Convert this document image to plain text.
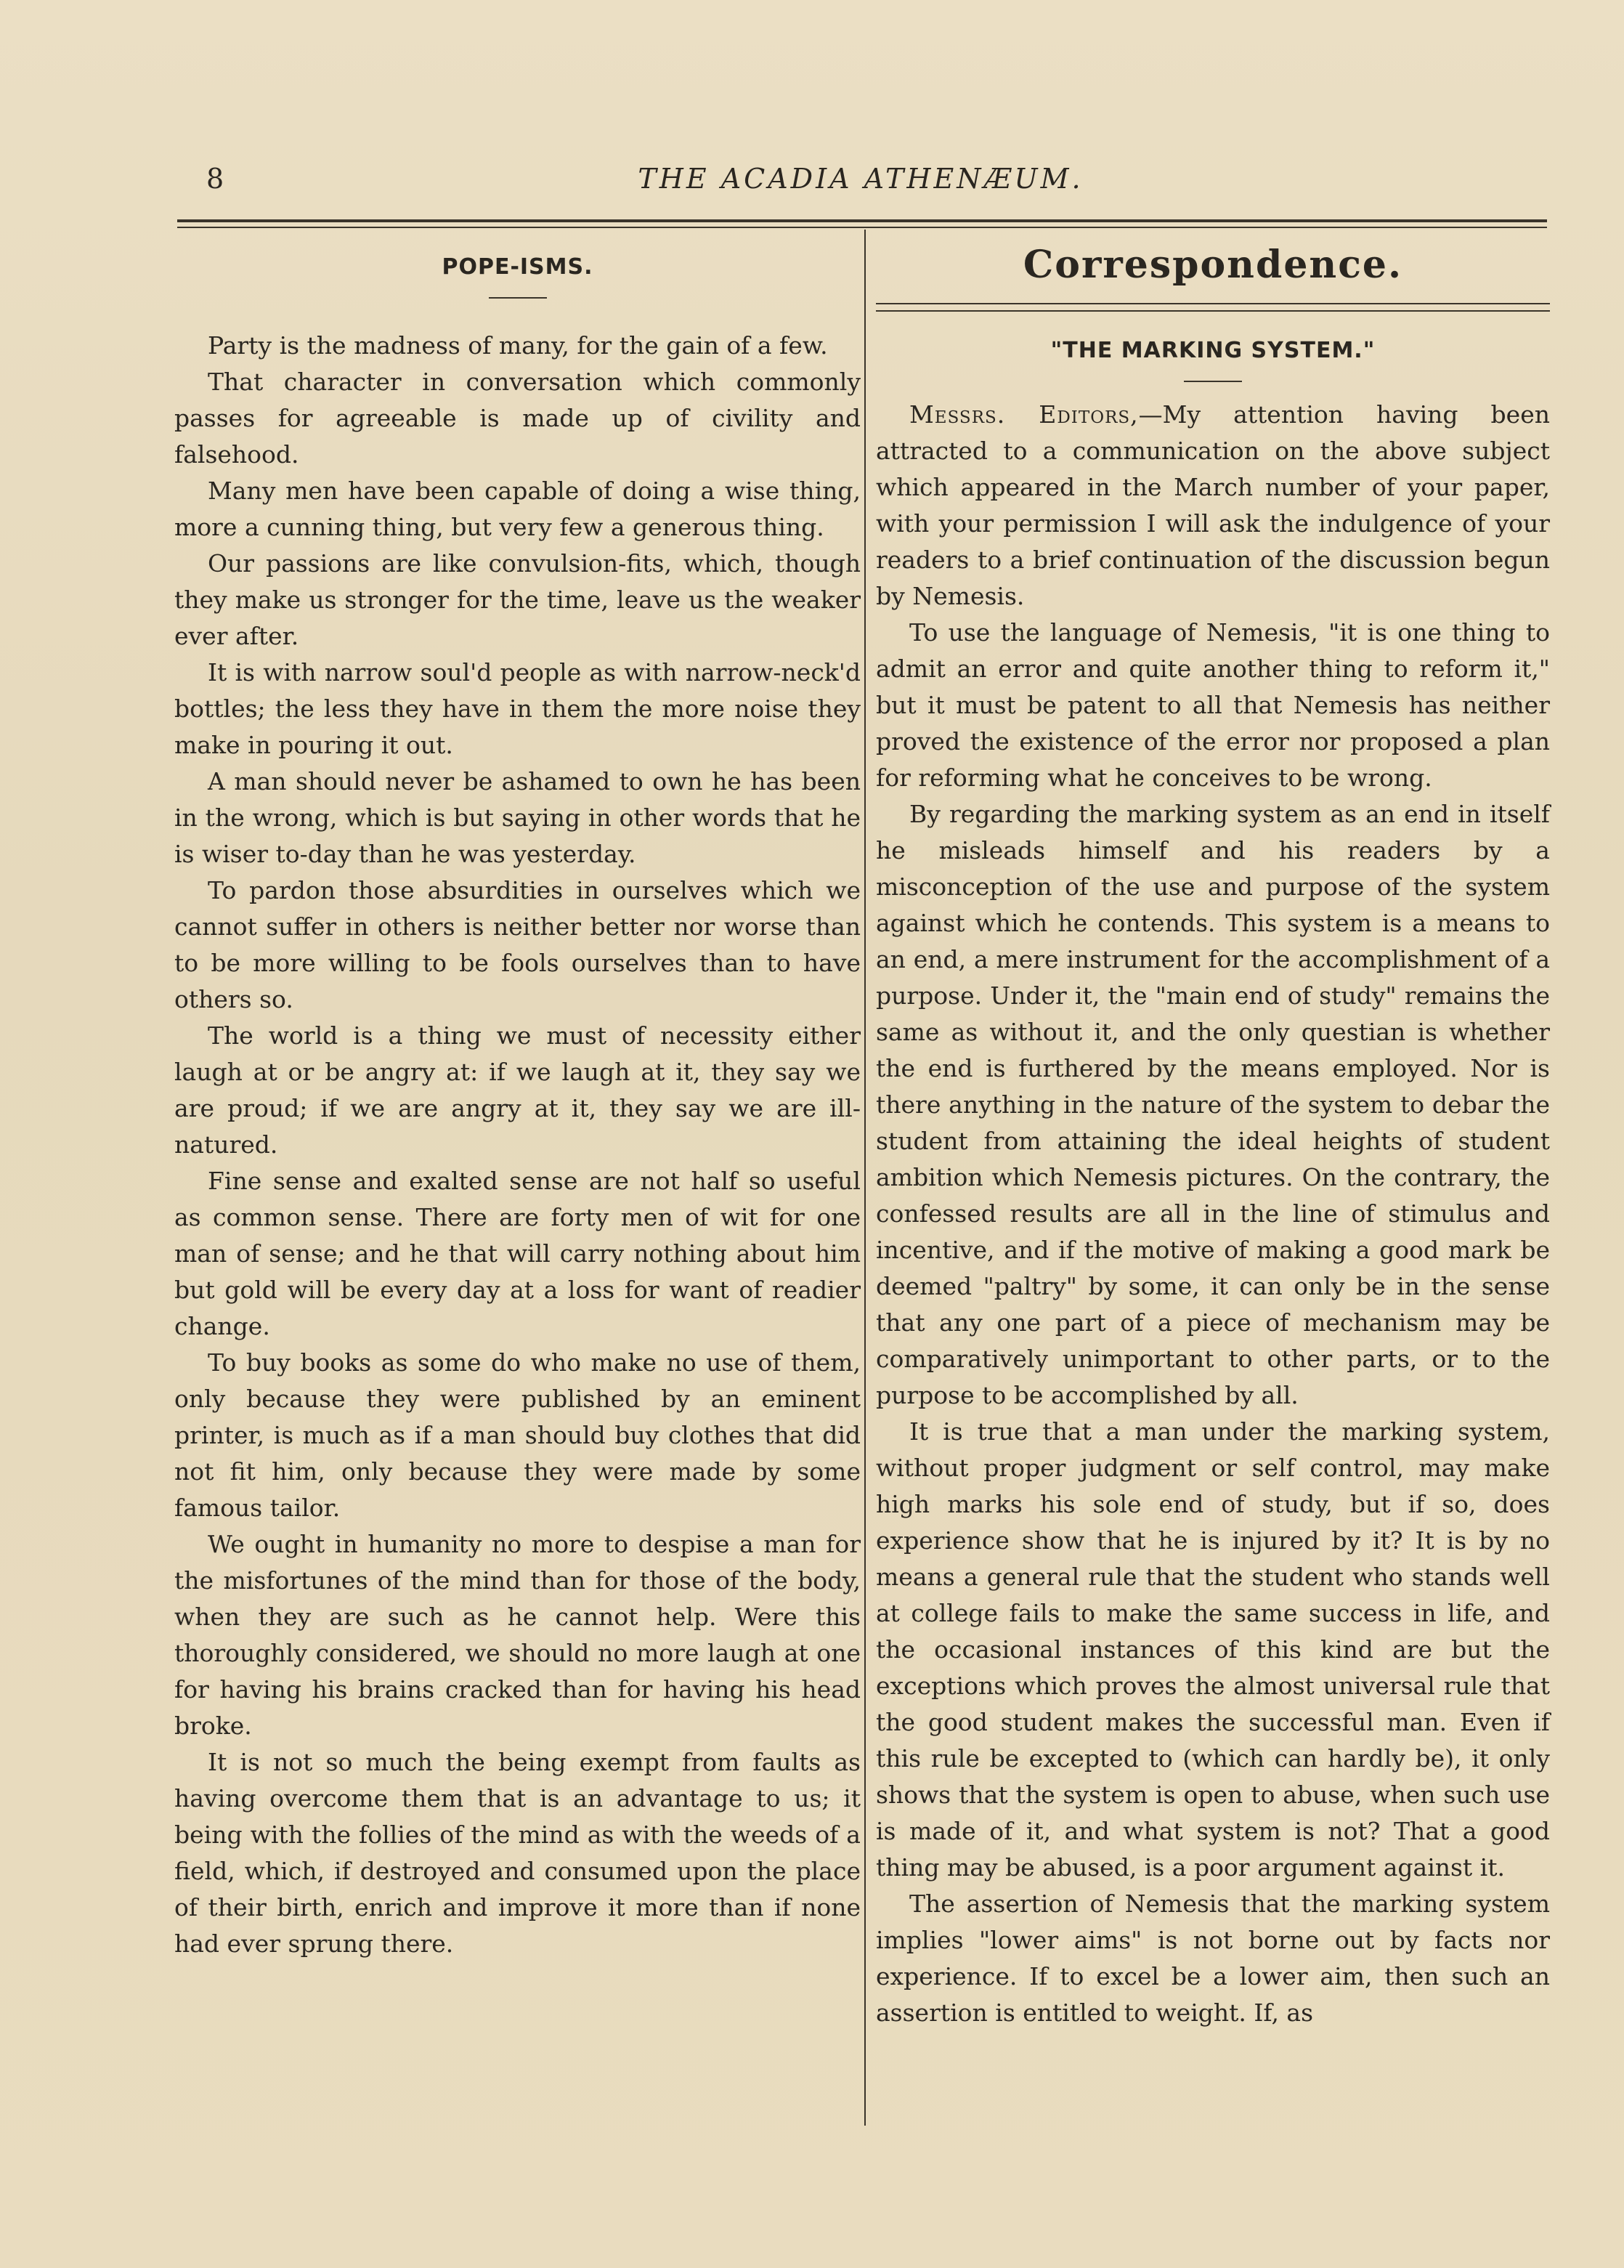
8	THE ACADIA ATHENÆUM.
POPE-ISMS.

Party is the madness of many, for the gain of a few.

That character in conversation which commonly passes for agreeable is made up of civility and falsehood.

Many men have been capable of doing a wise thing, more a cunning thing, but very few a generous thing.

Our passions are like convulsion-fits, which, though they make us stronger for the time, leave us the weaker ever after.

It is with narrow soul'd people as with narrow-neck'd bottles; the less they have in them the more noise they make in pouring it out.

A man should never be ashamed to own he has been in the wrong, which is but saying in other words that he is wiser to-day than he was yesterday.

To pardon those absurdities in ourselves which we cannot suffer in others is neither better nor worse than to be more willing to be fools ourselves than to have others so.

The world is a thing we must of necessity either laugh at or be angry at: if we laugh at it, they say we are proud; if we are angry at it, they say we are ill-natured.

Fine sense and exalted sense are not half so useful as common sense. There are forty men of wit for one man of sense; and he that will carry nothing about him but gold will be every day at a loss for want of readier change.

To buy books as some do who make no use of them, only because they were published by an eminent printer, is much as if a man should buy clothes that did not fit him, only because they were made by some famous tailor.

We ought in humanity no more to despise a man for the misfortunes of the mind than for those of the body, when they are such as he cannot help. Were this thoroughly considered, we should no more laugh at one for having his brains cracked than for having his head broke.

It is not so much the being exempt from faults as having overcome them that is an advantage to us; it being with the follies of the mind as with the weeds of a field, which, if destroyed and consumed upon the place of their birth, enrich and improve it more than if none had ever sprung there.

Correspondence.
"THE MARKING SYSTEM."

Messrs. Editors,—My attention having been attracted to a communication on the above subject which appeared in the March number of your paper, with your permission I will ask the indulgence of your readers to a brief continuation of the discussion begun by Nemesis.

To use the language of Nemesis, "it is one thing to admit an error and quite another thing to reform it," but it must be patent to all that Nemesis has neither proved the existence of the error nor proposed a plan for reforming what he conceives to be wrong.

By regarding the marking system as an end in itself he misleads himself and his readers by a misconception of the use and purpose of the system against which he contends. This system is a means to an end, a mere instrument for the accomplishment of a purpose. Under it, the "main end of study" remains the same as without it, and the only questian is whether the end is furthered by the means employed. Nor is there anything in the nature of the system to debar the student from attaining the ideal heights of student ambition which Nemesis pictures. On the contrary, the confessed results are all in the line of stimulus and incentive, and if the motive of making a good mark be deemed "paltry" by some, it can only be in the sense that any one part of a piece of mechanism may be comparatively unimportant to other parts, or to the purpose to be accomplished by all.

It is true that a man under the marking system, without proper judgment or self control, may make high marks his sole end of study, but if so, does experience show that he is injured by it? It is by no means a general rule that the student who stands well at college fails to make the same success in life, and the occasional instances of this kind are but the exceptions which proves the almost universal rule that the good student makes the successful man. Even if this rule be excepted to (which can hardly be), it only shows that the system is open to abuse, when such use is made of it, and what system is not? That a good thing may be abused, is a poor argument against it.

The assertion of Nemesis that the marking system implies "lower aims" is not borne out by facts nor experience. If to excel be a lower aim, then such an assertion is entitled to weight. If, as
